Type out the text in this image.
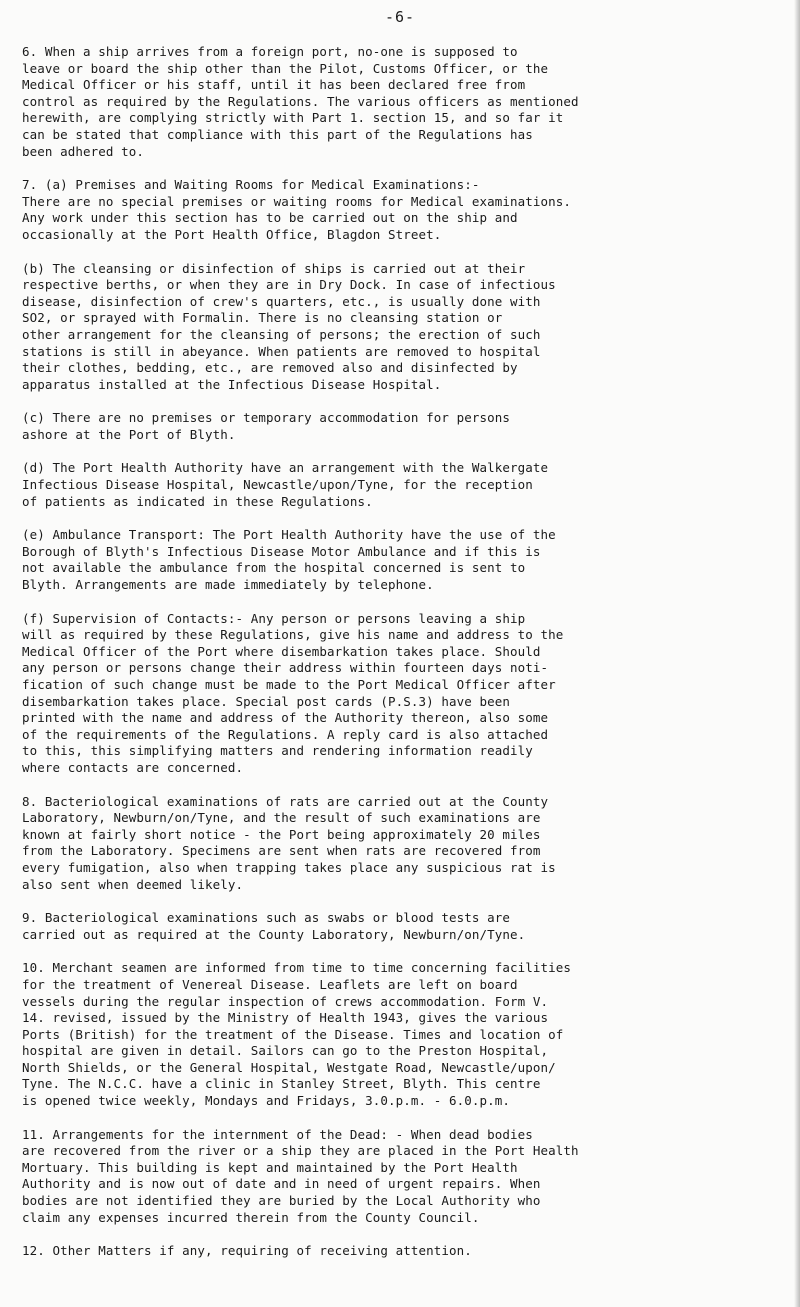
-6-
6. When a ship arrives from a foreign port, no-one is supposed to
leave or board the ship other than the Pilot, Customs Officer, or the
Medical Officer or his staff, until it has been declared free from
control as required by the Regulations. The various officers as mentioned
herewith, are complying strictly with Part 1. section 15, and so far it
can be stated that compliance with this part of the Regulations has
been adhered to.
7. (a) Premises and Waiting Rooms for Medical Examinations:-
There are no special premises or waiting rooms for Medical examinations.
Any work under this section has to be carried out on the ship and
occasionally at the Port Health Office, Blagdon Street.
(b) The cleansing or disinfection of ships is carried out at their
respective berths, or when they are in Dry Dock. In case of infectious
disease, disinfection of crew's quarters, etc., is usually done with
SO2, or sprayed with Formalin. There is no cleansing station or
other arrangement for the cleansing of persons; the erection of such
stations is still in abeyance. When patients are removed to hospital
their clothes, bedding, etc., are removed also and disinfected by
apparatus installed at the Infectious Disease Hospital.
(c) There are no premises or temporary accommodation for persons
ashore at the Port of Blyth.
(d) The Port Health Authority have an arrangement with the Walkergate
Infectious Disease Hospital, Newcastle/upon/Tyne, for the reception
of patients as indicated in these Regulations.
(e) Ambulance Transport: The Port Health Authority have the use of the
Borough of Blyth's Infectious Disease Motor Ambulance and if this is
not available the ambulance from the hospital concerned is sent to
Blyth. Arrangements are made immediately by telephone.
(f) Supervision of Contacts:- Any person or persons leaving a ship
will as required by these Regulations, give his name and address to the
Medical Officer of the Port where disembarkation takes place. Should
any person or persons change their address within fourteen days noti-
fication of such change must be made to the Port Medical Officer after
disembarkation takes place. Special post cards (P.S.3) have been
printed with the name and address of the Authority thereon, also some
of the requirements of the Regulations. A reply card is also attached
to this, this simplifying matters and rendering information readily
where contacts are concerned.
8. Bacteriological examinations of rats are carried out at the County
Laboratory, Newburn/on/Tyne, and the result of such examinations are
known at fairly short notice - the Port being approximately 20 miles
from the Laboratory. Specimens are sent when rats are recovered from
every fumigation, also when trapping takes place any suspicious rat is
also sent when deemed likely.
9. Bacteriological examinations such as swabs or blood tests are
carried out as required at the County Laboratory, Newburn/on/Tyne.
10. Merchant seamen are informed from time to time concerning facilities
for the treatment of Venereal Disease. Leaflets are left on board
vessels during the regular inspection of crews accommodation. Form V.
14. revised, issued by the Ministry of Health 1943, gives the various
Ports (British) for the treatment of the Disease. Times and location of
hospital are given in detail. Sailors can go to the Preston Hospital,
North Shields, or the General Hospital, Westgate Road, Newcastle/upon/
Tyne. The N.C.C. have a clinic in Stanley Street, Blyth. This centre
is opened twice weekly, Mondays and Fridays, 3.0.p.m. - 6.0.p.m.
11. Arrangements for the internment of the Dead: - When dead bodies
are recovered from the river or a ship they are placed in the Port Health
Mortuary. This building is kept and maintained by the Port Health
Authority and is now out of date and in need of urgent repairs. When
bodies are not identified they are buried by the Local Authority who
claim any expenses incurred therein from the County Council.
12. Other Matters if any, requiring of receiving attention.
